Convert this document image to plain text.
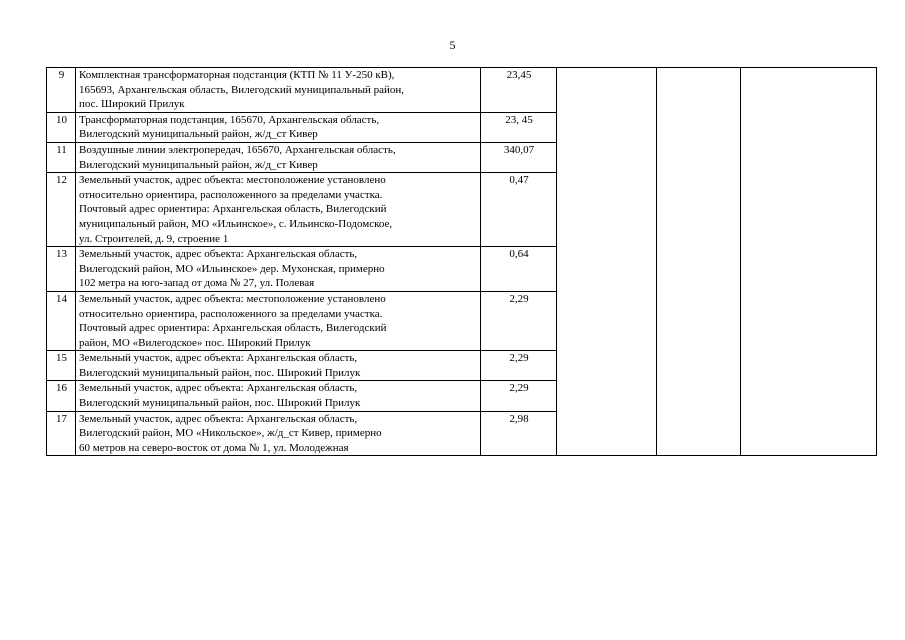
5
9	Комплектная трансформаторная подстанция (КТП № 11 У-250 кВ),
165693, Архангельская область, Вилегодский муниципальный район,
пос. Широкий Прилук	23,45			
10	Трансформаторная подстанция, 165670, Архангельская область,
Вилегодский муниципальный район, ж/д_ст Кивер	23, 45			
11	Воздушные линии электропередач, 165670, Архангельская область,
Вилегодский муниципальный район, ж/д_ст Кивер	340,07			
12	Земельный участок, адрес объекта: местоположение установлено
относительно ориентира, расположенного за пределами участка.
Почтовый адрес ориентира: Архангельская область, Вилегодский
муниципальный район, МО «Ильинское», с. Ильинско-Подомское,
ул. Строителей, д. 9, строение 1	0,47			
13	Земельный участок, адрес объекта: Архангельская область,
Вилегодский район, МО «Ильинское» дер. Мухонская, примерно
102 метра на юго-запад от дома № 27, ул. Полевая	0,64			
14	Земельный участок, адрес объекта: местоположение установлено
относительно ориентира, расположенного за пределами участка.
Почтовый адрес ориентира: Архангельская область, Вилегодский
район, МО «Вилегодское» пос. Широкий Прилук	2,29			
15	Земельный участок, адрес объекта: Архангельская область,
Вилегодский муниципальный район, пос. Широкий Прилук	2,29			
16	Земельный участок, адрес объекта: Архангельская область,
Вилегодский муниципальный район, пос. Широкий Прилук	2,29			
17	Земельный участок, адрес объекта: Архангельская область,
Вилегодский район, МО «Никольское», ж/д_ст Кивер, примерно
60 метров на северо-восток от дома № 1, ул. Молодежная	2,98			
